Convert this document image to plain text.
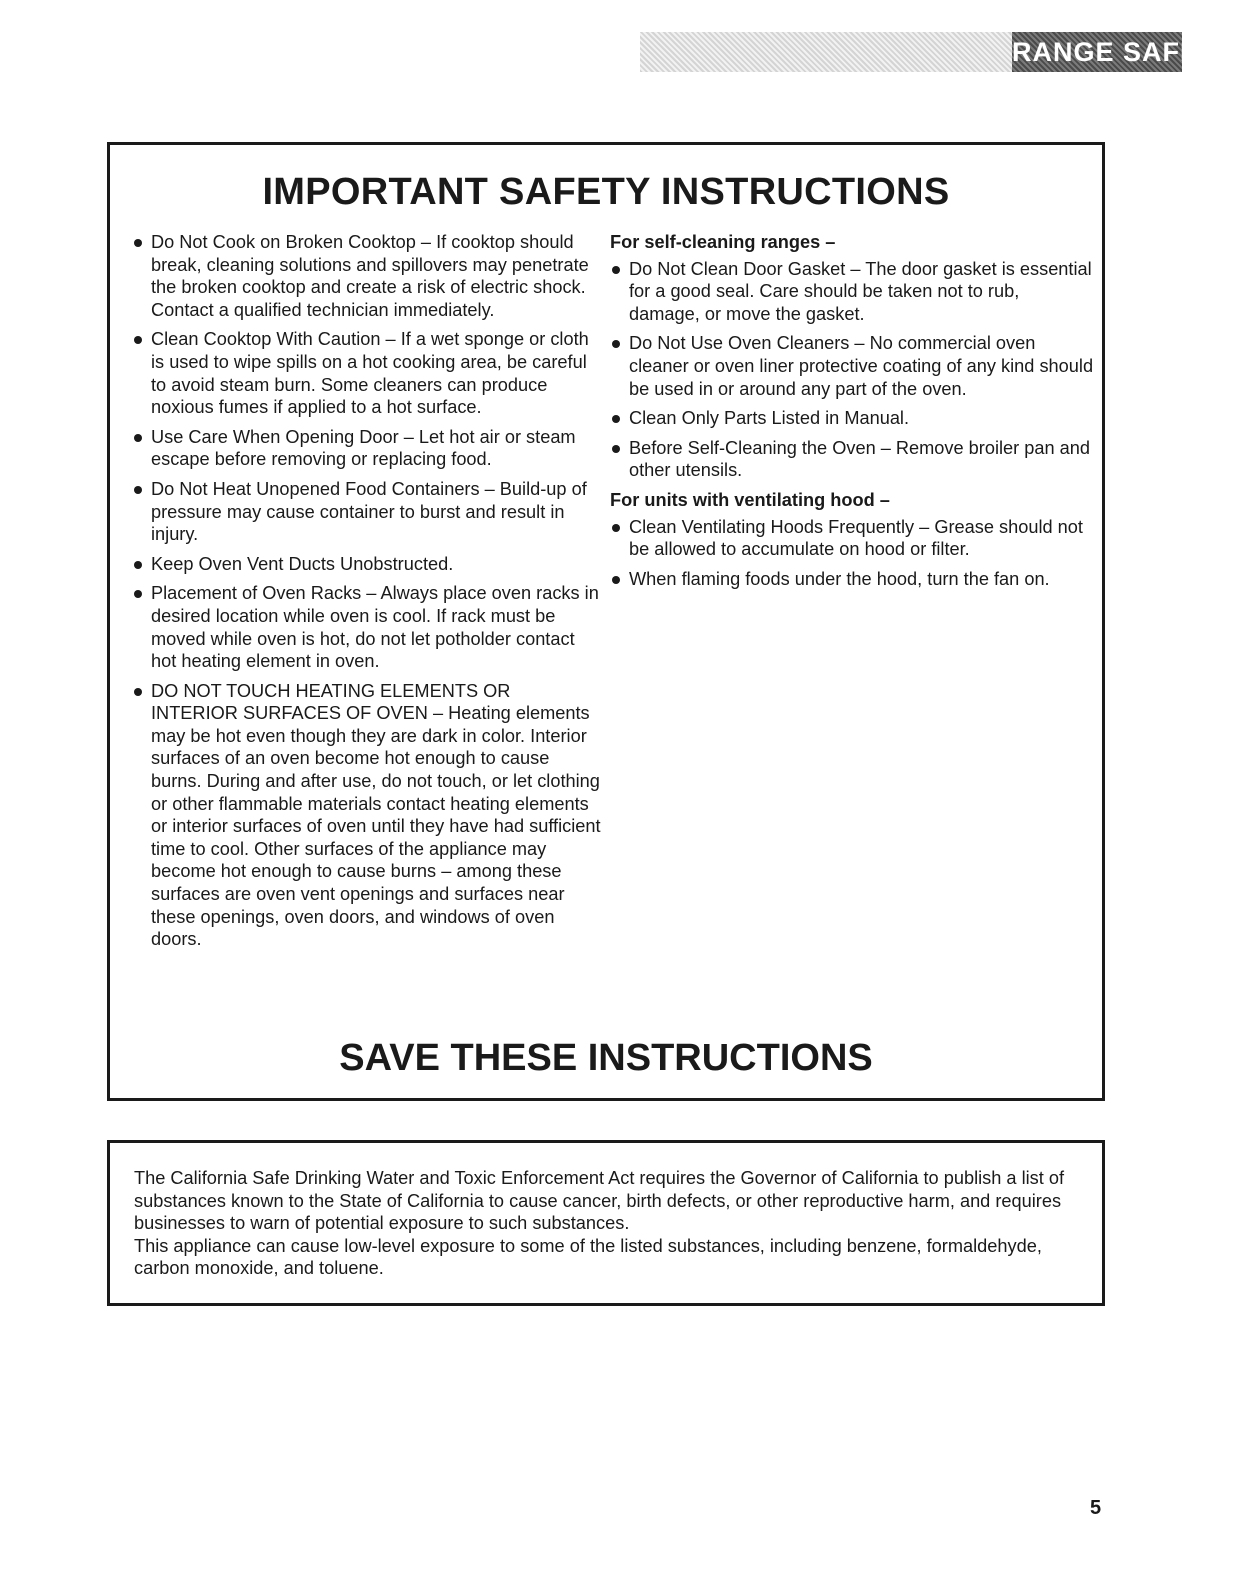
RANGE SAFETY
IMPORTANT SAFETY INSTRUCTIONS
Do Not Cook on Broken Cooktop – If cooktop should break, cleaning solutions and spillovers may penetrate the broken cooktop and create a risk of electric shock. Contact a qualified technician immediately.
Clean Cooktop With Caution – If a wet sponge or cloth is used to wipe spills on a hot cooking area, be careful to avoid steam burn. Some cleaners can produce noxious fumes if applied to a hot surface.
Use Care When Opening Door – Let hot air or steam escape before removing or replacing food.
Do Not Heat Unopened Food Containers – Build-up of pressure may cause container to burst and result in injury.
Keep Oven Vent Ducts Unobstructed.
Placement of Oven Racks – Always place oven racks in desired location while oven is cool. If rack must be moved while oven is hot, do not let potholder contact hot heating element in oven.
DO NOT TOUCH HEATING ELEMENTS OR INTERIOR SURFACES OF OVEN – Heating elements may be hot even though they are dark in color. Interior surfaces of an oven become hot enough to cause burns. During and after use, do not touch, or let clothing or other flammable materials contact heating elements or interior surfaces of oven until they have had sufficient time to cool. Other surfaces of the appliance may become hot enough to cause burns – among these surfaces are oven vent openings and surfaces near these openings, oven doors, and windows of oven doors.

For self-cleaning ranges –

Do Not Clean Door Gasket – The door gasket is essential for a good seal. Care should be taken not to rub, damage, or move the gasket.
Do Not Use Oven Cleaners – No commercial oven cleaner or oven liner protective coating of any kind should be used in or around any part of the oven.
Clean Only Parts Listed in Manual.
Before Self-Cleaning the Oven – Remove broiler pan and other utensils.

For units with ventilating hood –

Clean Ventilating Hoods Frequently – Grease should not be allowed to accumulate on hood or filter.
When flaming foods under the hood, turn the fan on.
SAVE THESE INSTRUCTIONS

The California Safe Drinking Water and Toxic Enforcement Act requires the Governor of California to publish a list of substances known to the State of California to cause cancer, birth defects, or other reproductive harm, and requires businesses to warn of potential exposure to such substances.
This appliance can cause low-level exposure to some of the listed substances, including benzene, formaldehyde, carbon monoxide, and toluene.

5
